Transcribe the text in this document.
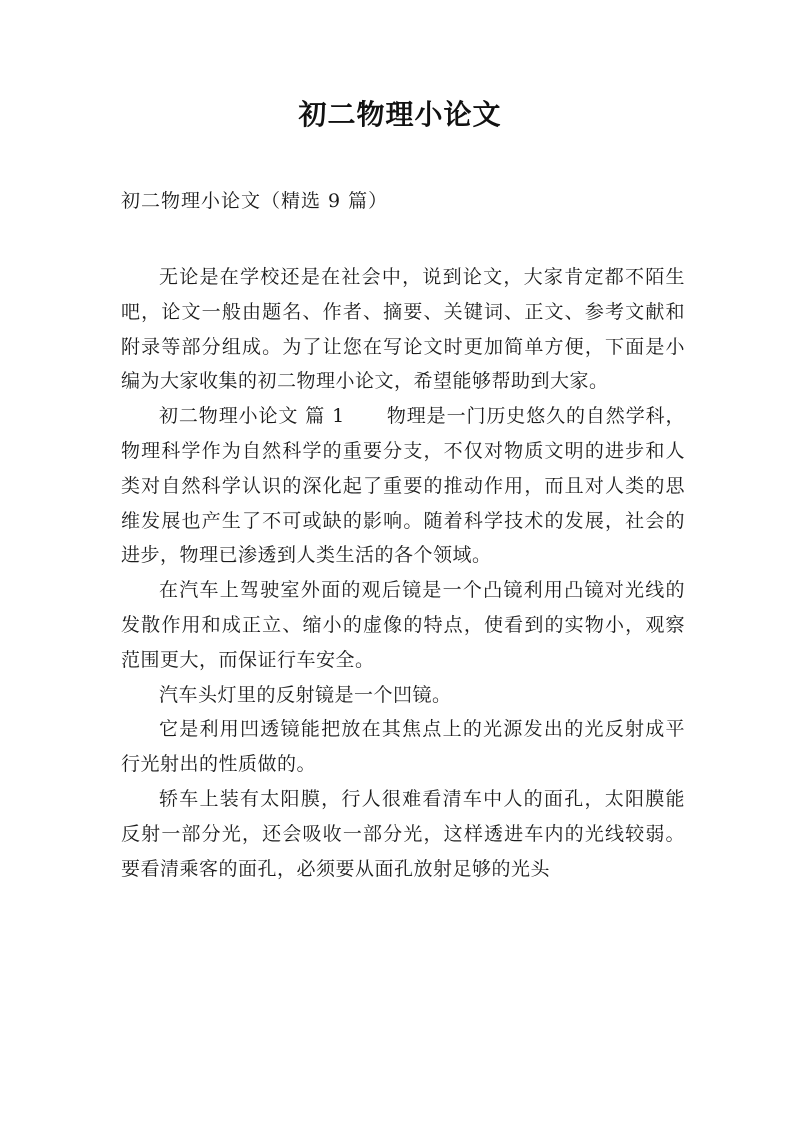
初二物理小论文
初二物理小论文（精选 9 篇）

无论是在学校还是在社会中，说到论文，大家肯定都不陌生吧，论文一般由题名、作者、摘要、关键词、正文、参考文献和附录等部分组成。为了让您在写论文时更加简单方便，下面是小编为大家收集的初二物理小论文，希望能够帮助到大家。

初二物理小论文 篇 1 物理是一门历史悠久的自然学科，物理科学作为自然科学的重要分支，不仅对物质文明的进步和人类对自然科学认识的深化起了重要的推动作用，而且对人类的思维发展也产生了不可或缺的影响。随着科学技术的发展，社会的进步，物理已渗透到人类生活的各个领域。

在汽车上驾驶室外面的观后镜是一个凸镜利用凸镜对光线的发散作用和成正立、缩小的虚像的特点，使看到的实物小，观察范围更大，而保证行车安全。

汽车头灯里的反射镜是一个凹镜。

它是利用凹透镜能把放在其焦点上的光源发出的光反射成平行光射出的性质做的。

轿车上装有太阳膜，行人很难看清车中人的面孔，太阳膜能反射一部分光，还会吸收一部分光，这样透进车内的光线较弱。要看清乘客的面孔，必须要从面孔放射足够的光头
